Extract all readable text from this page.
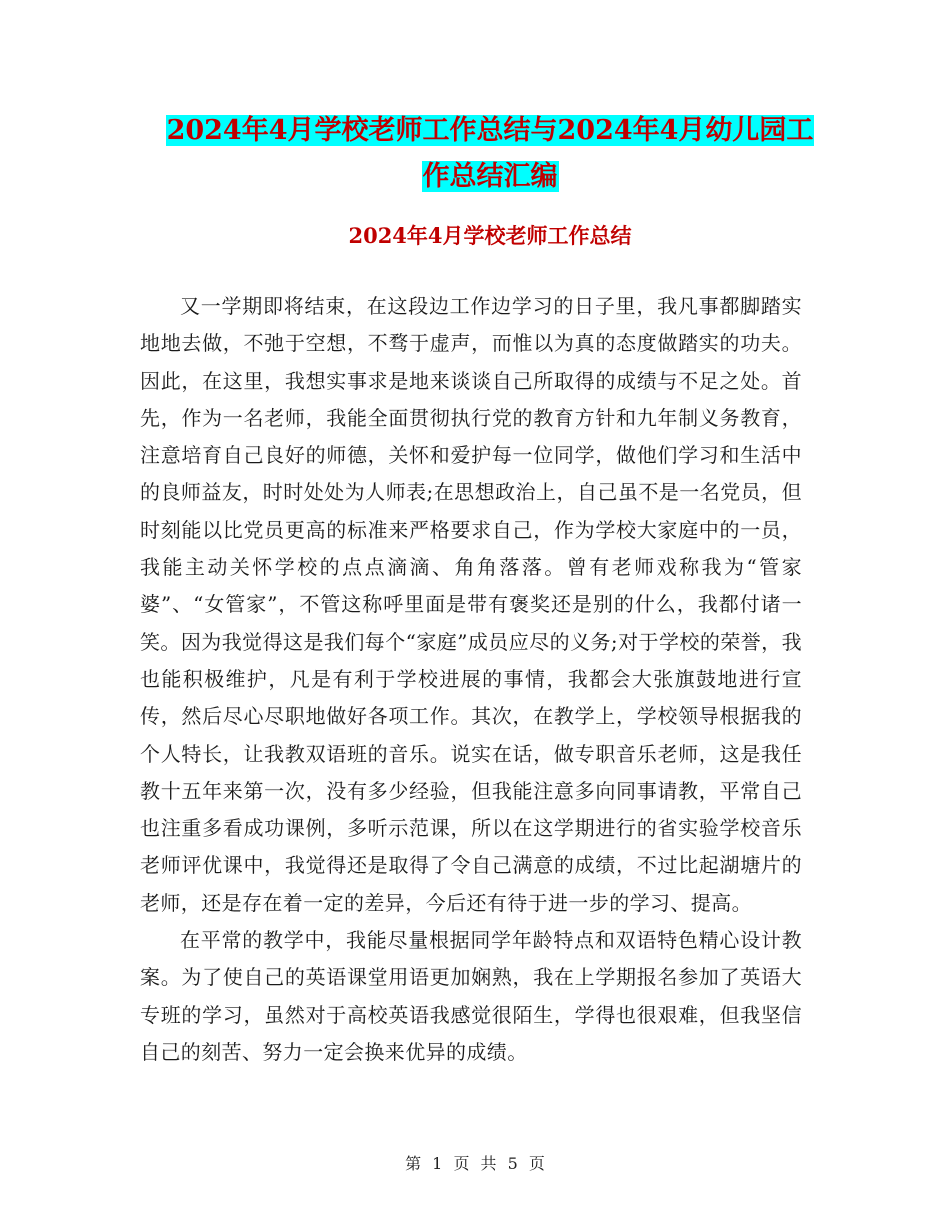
2024年4月学校老师工作总结与2024年4月幼儿园工
作总结汇编
2024年4月学校老师工作总结

又一学期即将结束，在这段边工作边学习的日子里，我凡事都脚踏实地地去做，不弛于空想，不骛于虚声，而惟以为真的态度做踏实的功夫。因此，在这里，我想实事求是地来谈谈自己所取得的成绩与不足之处。首先，作为一名老师，我能全面贯彻执行党的教育方针和九年制义务教育，注意培育自己良好的师德，关怀和爱护每一位同学，做他们学习和生活中的良师益友，时时处处为人师表;在思想政治上，自己虽不是一名党员，但时刻能以比党员更高的标准来严格要求自己，作为学校大家庭中的一员，我能主动关怀学校的点点滴滴、角角落落。曾有老师戏称我为“管家婆”、“女管家”，不管这称呼里面是带有褒奖还是别的什么，我都付诸一笑。因为我觉得这是我们每个“家庭”成员应尽的义务;对于学校的荣誉，我也能积极维护，凡是有利于学校进展的事情，我都会大张旗鼓地进行宣传，然后尽心尽职地做好各项工作。其次，在教学上，学校领导根据我的个人特长，让我教双语班的音乐。说实在话，做专职音乐老师，这是我任教十五年来第一次，没有多少经验，但我能注意多向同事请教，平常自己也注重多看成功课例，多听示范课，所以在这学期进行的省实验学校音乐老师评优课中，我觉得还是取得了令自己满意的成绩，不过比起湖塘片的老师，还是存在着一定的差异，今后还有待于进一步的学习、提高。

在平常的教学中，我能尽量根据同学年龄特点和双语特色精心设计教案。为了使自己的英语课堂用语更加娴熟，我在上学期报名参加了英语大专班的学习，虽然对于高校英语我感觉很陌生，学得也很艰难，但我坚信自己的刻苦、努力一定会换来优异的成绩。

第 1 页 共 5 页
